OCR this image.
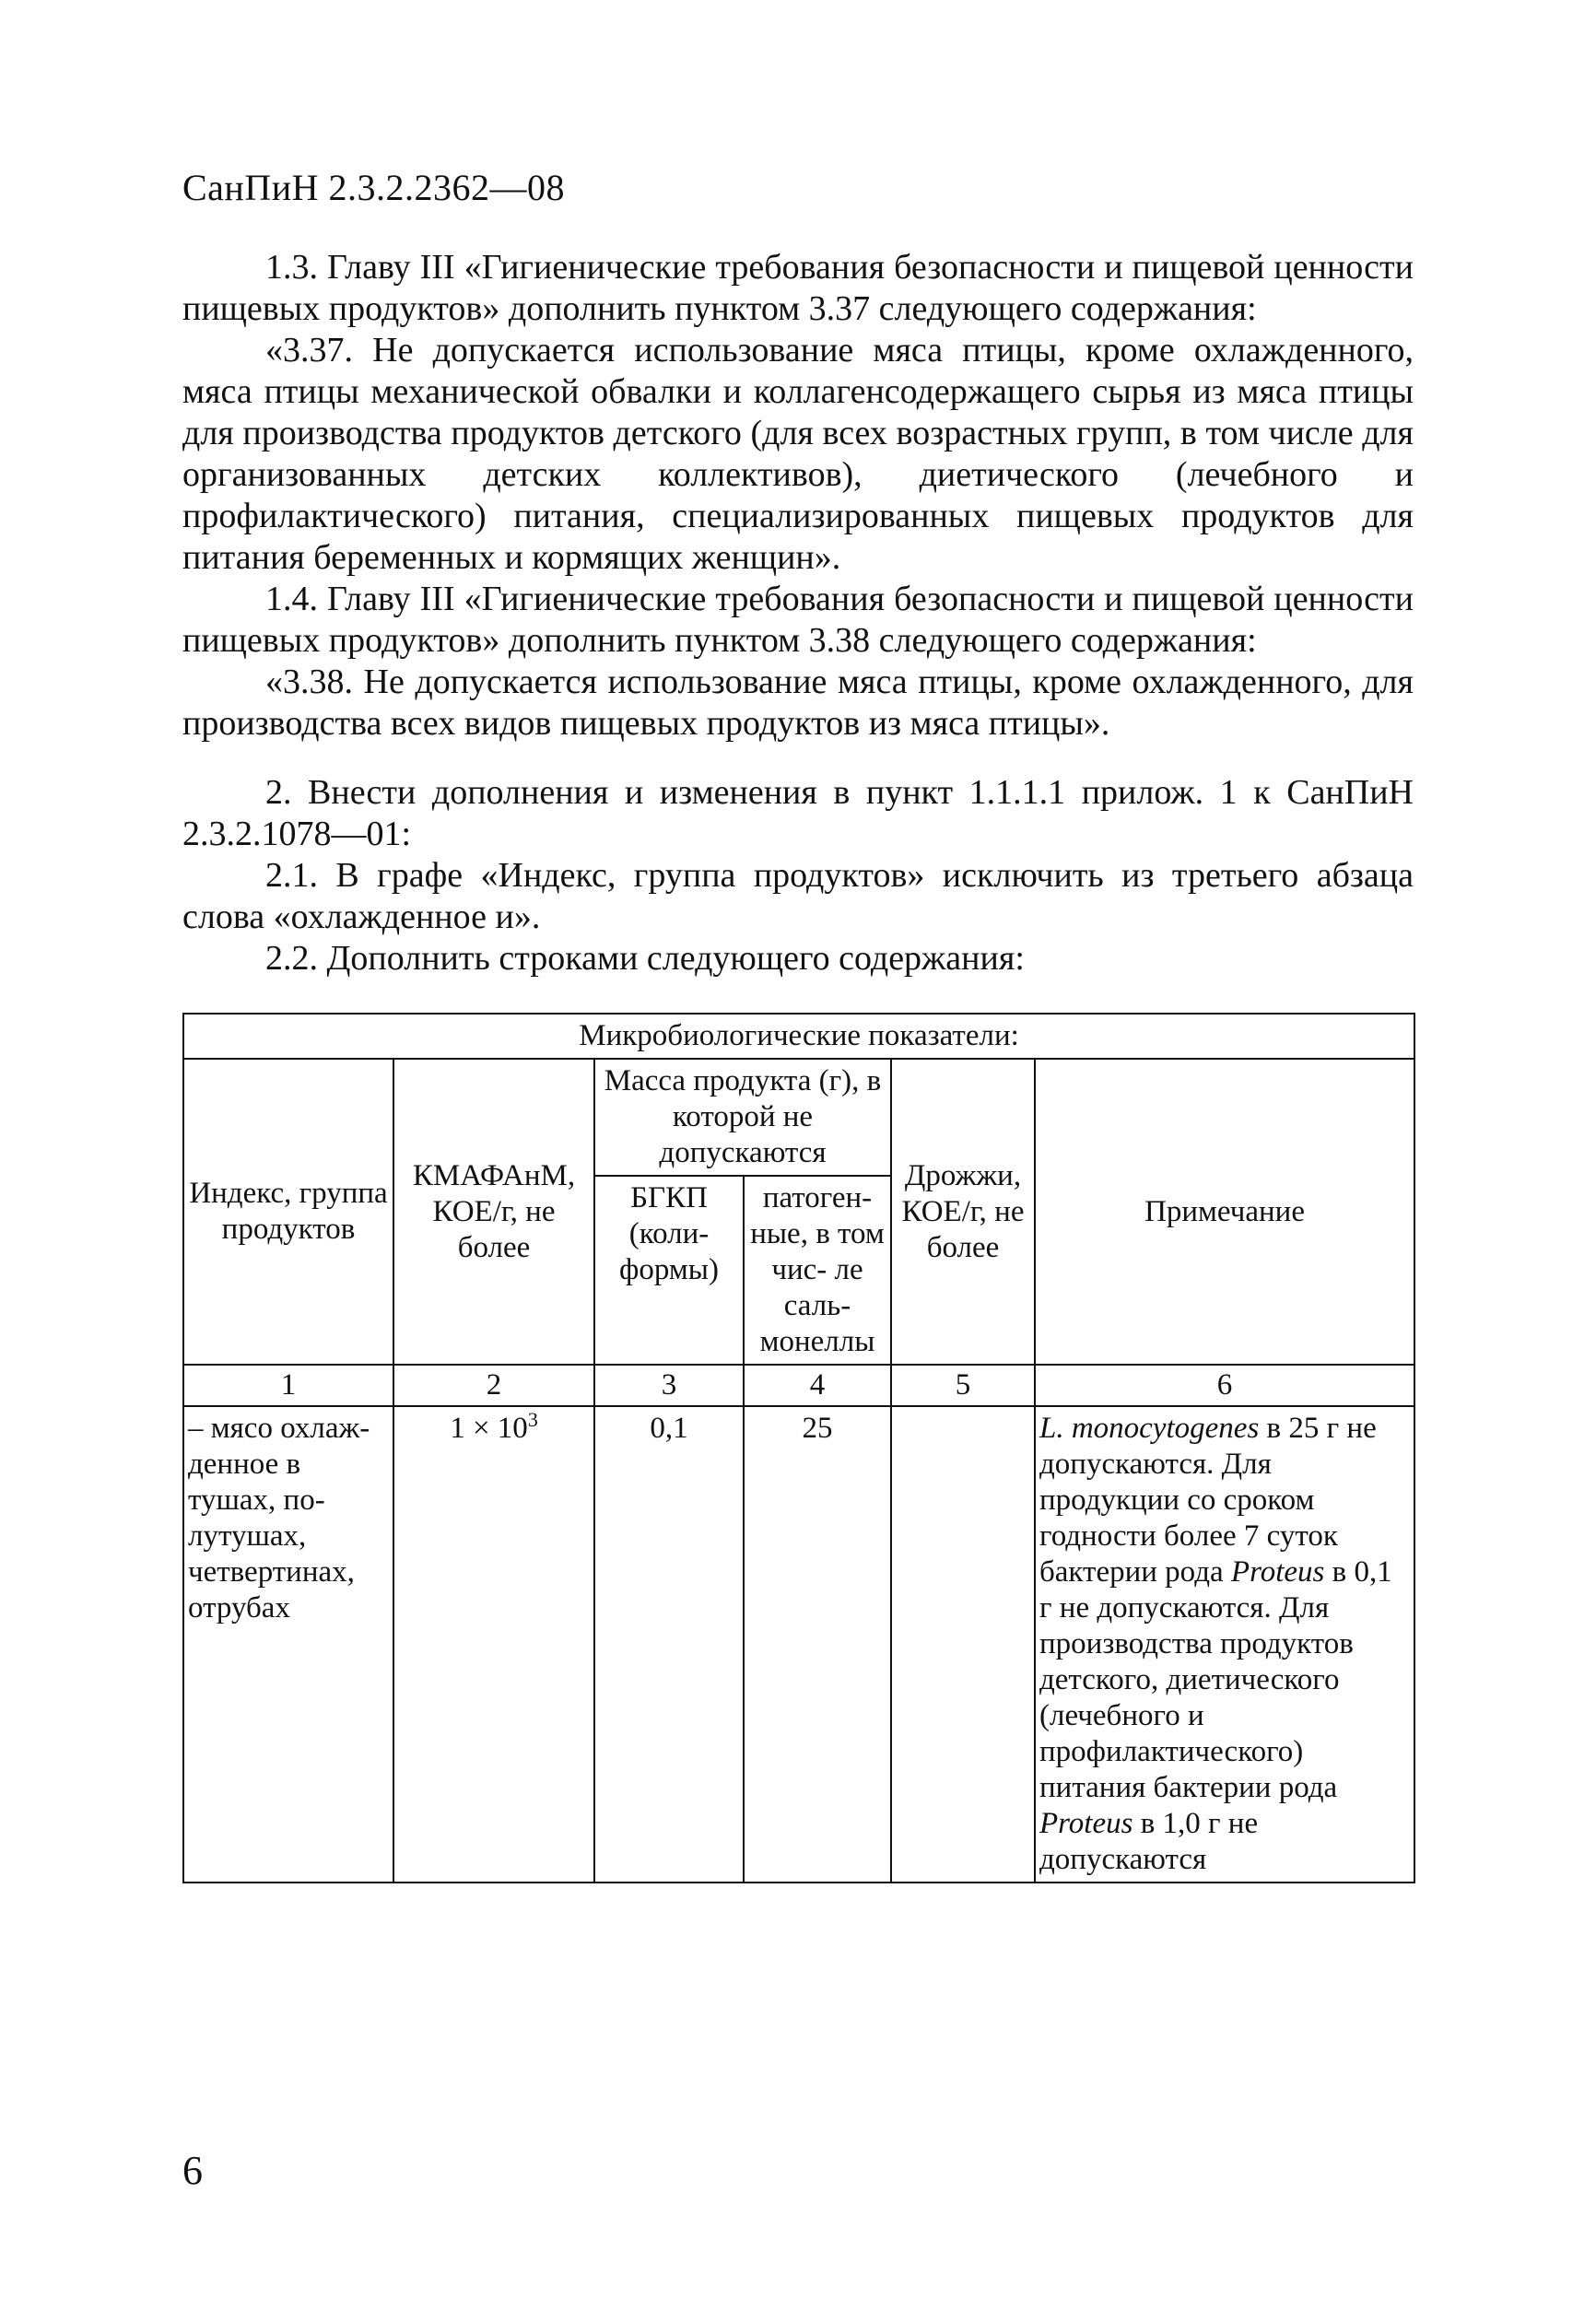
СанПиН 2.3.2.2362—08

1.3. Главу III «Гигиенические требования безопасности и пищевой ценности пищевых продуктов» дополнить пунктом 3.37 следующего содержания:

«3.37. Не допускается использование мяса птицы, кроме охлажденного, мяса птицы механической обвалки и коллагенсодержащего сырья из мяса птицы для производства продуктов детского (для всех возрастных групп, в том числе для организованных детских коллективов), диетического (лечебного и профилактического) питания, специализированных пищевых продуктов для питания беременных и кормящих женщин».

1.4. Главу III «Гигиенические требования безопасности и пищевой ценности пищевых продуктов» дополнить пунктом 3.38 следующего содержания:

«3.38. Не допускается использование мяса птицы, кроме охлажденного, для производства всех видов пищевых продуктов из мяса птицы».

2. Внести дополнения и изменения в пункт 1.1.1.1 прилож. 1 к СанПиН 2.3.2.1078—01:

2.1. В графе «Индекс, группа продуктов» исключить из третьего абзаца слова «охлажденное и».

2.2. Дополнить строками следующего содержания:

Микробиологические показатели:					
Индекс, группа продуктов	КМАФАнМ, КОЕ/г, не более	Масса продукта (г), в которой не допускаются		Дрожжи, КОЕ/г, не более	Примечание
		БГКП (коли- формы)	патоген- ные, в том чис- ле саль- монеллы		
1	2	3	4	5	6
– мясо охлаж- денное в тушах, по- лутушах, четвертинах, отрубах	$1 \times 10^3$	0,1	25		L. monocytogenes в 25 г не допускаются. Для продукции со сроком годности более 7 суток бактерии рода Proteus в 0,1 г не допускаются. Для производства продуктов детского, диетического (лечебного и профилактического) питания бактерии рода Proteus в 1,0 г не допускаются
6
